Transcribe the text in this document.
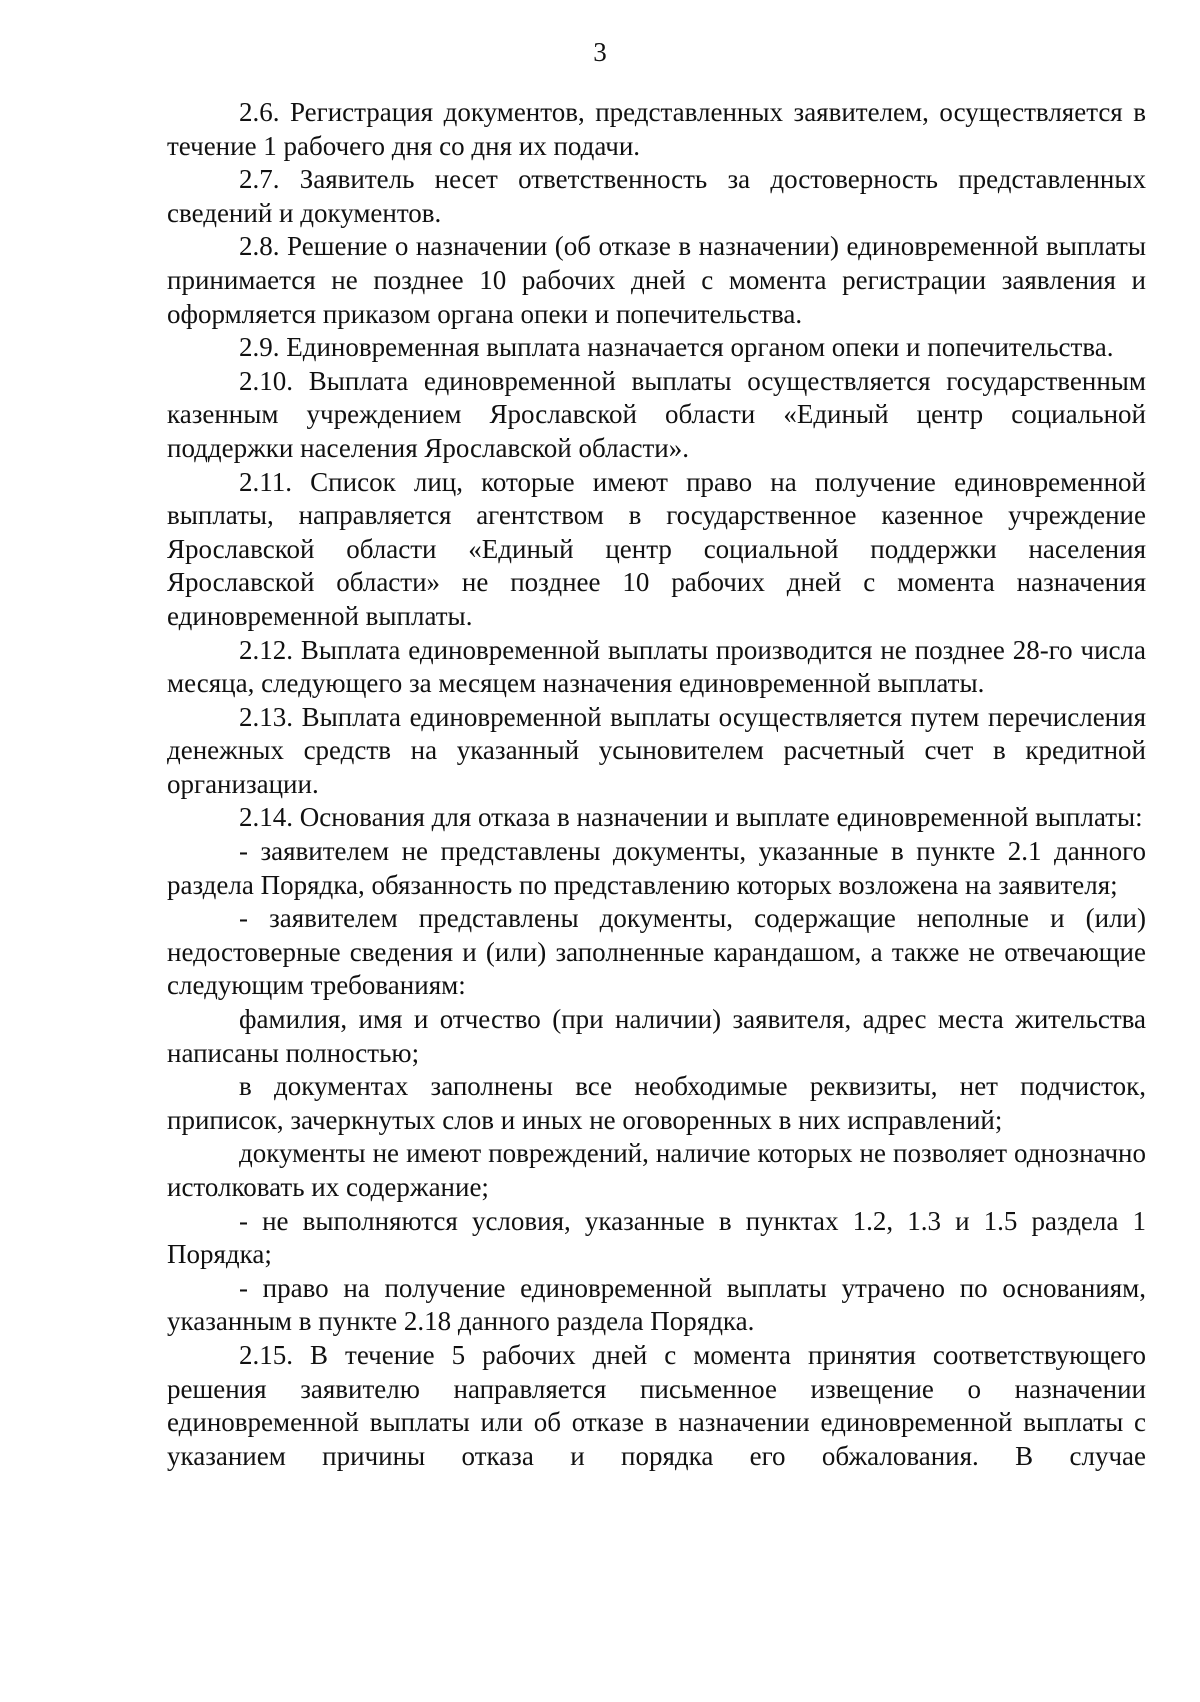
3

2.6. Регистрация документов, представленных заявителем, осуществляется в течение 1 рабочего дня со дня их подачи.

2.7. Заявитель несет ответственность за достоверность представленных сведений и документов.

2.8. Решение о назначении (об отказе в назначении) единовременной выплаты принимается не позднее 10 рабочих дней с момента регистрации заявления и оформляется приказом органа опеки и попечительства.

2.9. Единовременная выплата назначается органом опеки и попечительства.

2.10. Выплата единовременной выплаты осуществляется государственным казенным учреждением Ярославской области «Единый центр социальной поддержки населения Ярославской области».

2.11. Список лиц, которые имеют право на получение единовременной выплаты, направляется агентством в государственное казенное учреждение Ярославской области «Единый центр социальной поддержки населения Ярославской области» не позднее 10 рабочих дней с момента назначения единовременной выплаты.

2.12. Выплата единовременной выплаты производится не позднее 28-го числа месяца, следующего за месяцем назначения единовременной выплаты.

2.13. Выплата единовременной выплаты осуществляется путем перечисления денежных средств на указанный усыновителем расчетный счет в кредитной организации.

2.14. Основания для отказа в назначении и выплате единовременной выплаты:

- заявителем не представлены документы, указанные в пункте 2.1 данного раздела Порядка, обязанность по представлению которых возложена на заявителя;

- заявителем представлены документы, содержащие неполные и (или) недостоверные сведения и (или) заполненные карандашом, а также не отвечающие следующим требованиям:

фамилия, имя и отчество (при наличии) заявителя, адрес места жительства написаны полностью;

в документах заполнены все необходимые реквизиты, нет подчисток, приписок, зачеркнутых слов и иных не оговоренных в них исправлений;

документы не имеют повреждений, наличие которых не позволяет однозначно истолковать их содержание;

- не выполняются условия, указанные в пунктах 1.2, 1.3 и 1.5 раздела 1 Порядка;

- право на получение единовременной выплаты утрачено по основаниям, указанным в пункте 2.18 данного раздела Порядка.

2.15. В течение 5 рабочих дней с момента принятия соответствующего решения заявителю направляется письменное извещение о назначении единовременной выплаты или об отказе в назначении единовременной выплаты с указанием причины отказа и порядка его обжалования. В случае
